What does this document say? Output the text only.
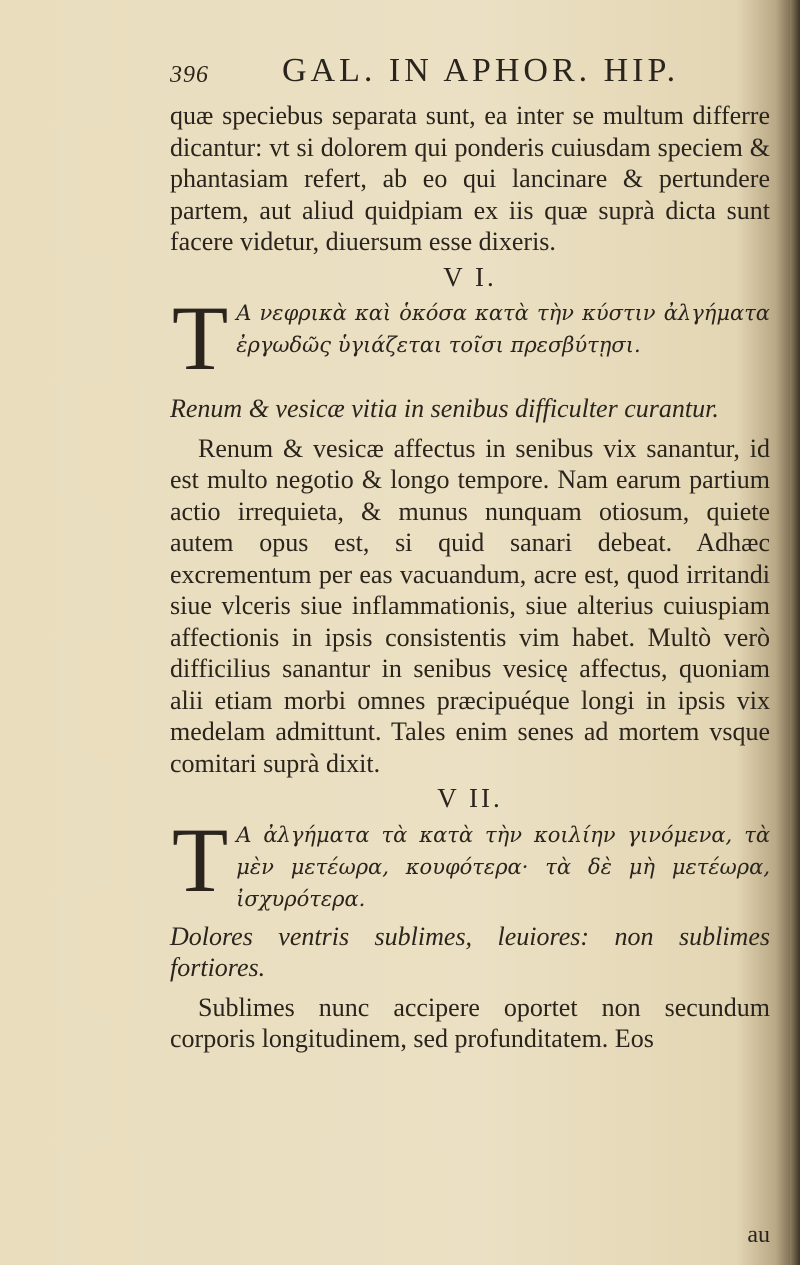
396 GAL. IN APHOR. HIP.

quæ speciebus separata sunt, ea inter se multum differre dicantur: vt si dolorem qui ponderis cuiusdam speciem & phantasiam refert, ab eo qui lancinare & pertundere partem, aut aliud quidpiam ex iis quæ suprà dicta sunt facere videtur, diuersum esse dixeris.

V I.
T A νεφρικὰ καὶ ὁκόσα κατὰ τὴν κύστιν ἀλγήματα ἐργωδῶς ὑγιάζεται τοῖσι πρεσβύτῃσι.

Renum & vesicæ vitia in senibus difficulter curantur.

Renum & vesicæ affectus in senibus vix sanantur, id est multo negotio & longo tempore. Nam earum partium actio irrequieta, & munus nunquam otiosum, quiete autem opus est, si quid sanari debeat. Adhæc excrementum per eas vacuandum, acre est, quod irritandi siue vlceris siue inflammationis, siue alterius cuiuspiam affectionis in ipsis consistentis vim habet. Multò verò difficilius sanantur in senibus vesicę affectus, quoniam alii etiam morbi omnes præcipuéque longi in ipsis vix medelam admittunt. Tales enim senes ad mortem vsque comitari suprà dixit.

V II.
T A ἀλγήματα τὰ κατὰ τὴν κοιλίην γινόμενα, τὰ μὲν μετέωρα, κουφότερα· τὰ δὲ μὴ μετέωρα, ἰσχυρότερα.

Dolores ventris sublimes, leuiores: non sublimes fortiores.

Sublimes nunc accipere oportet non secundum corporis longitudinem, sed profunditatem. Eos

au
